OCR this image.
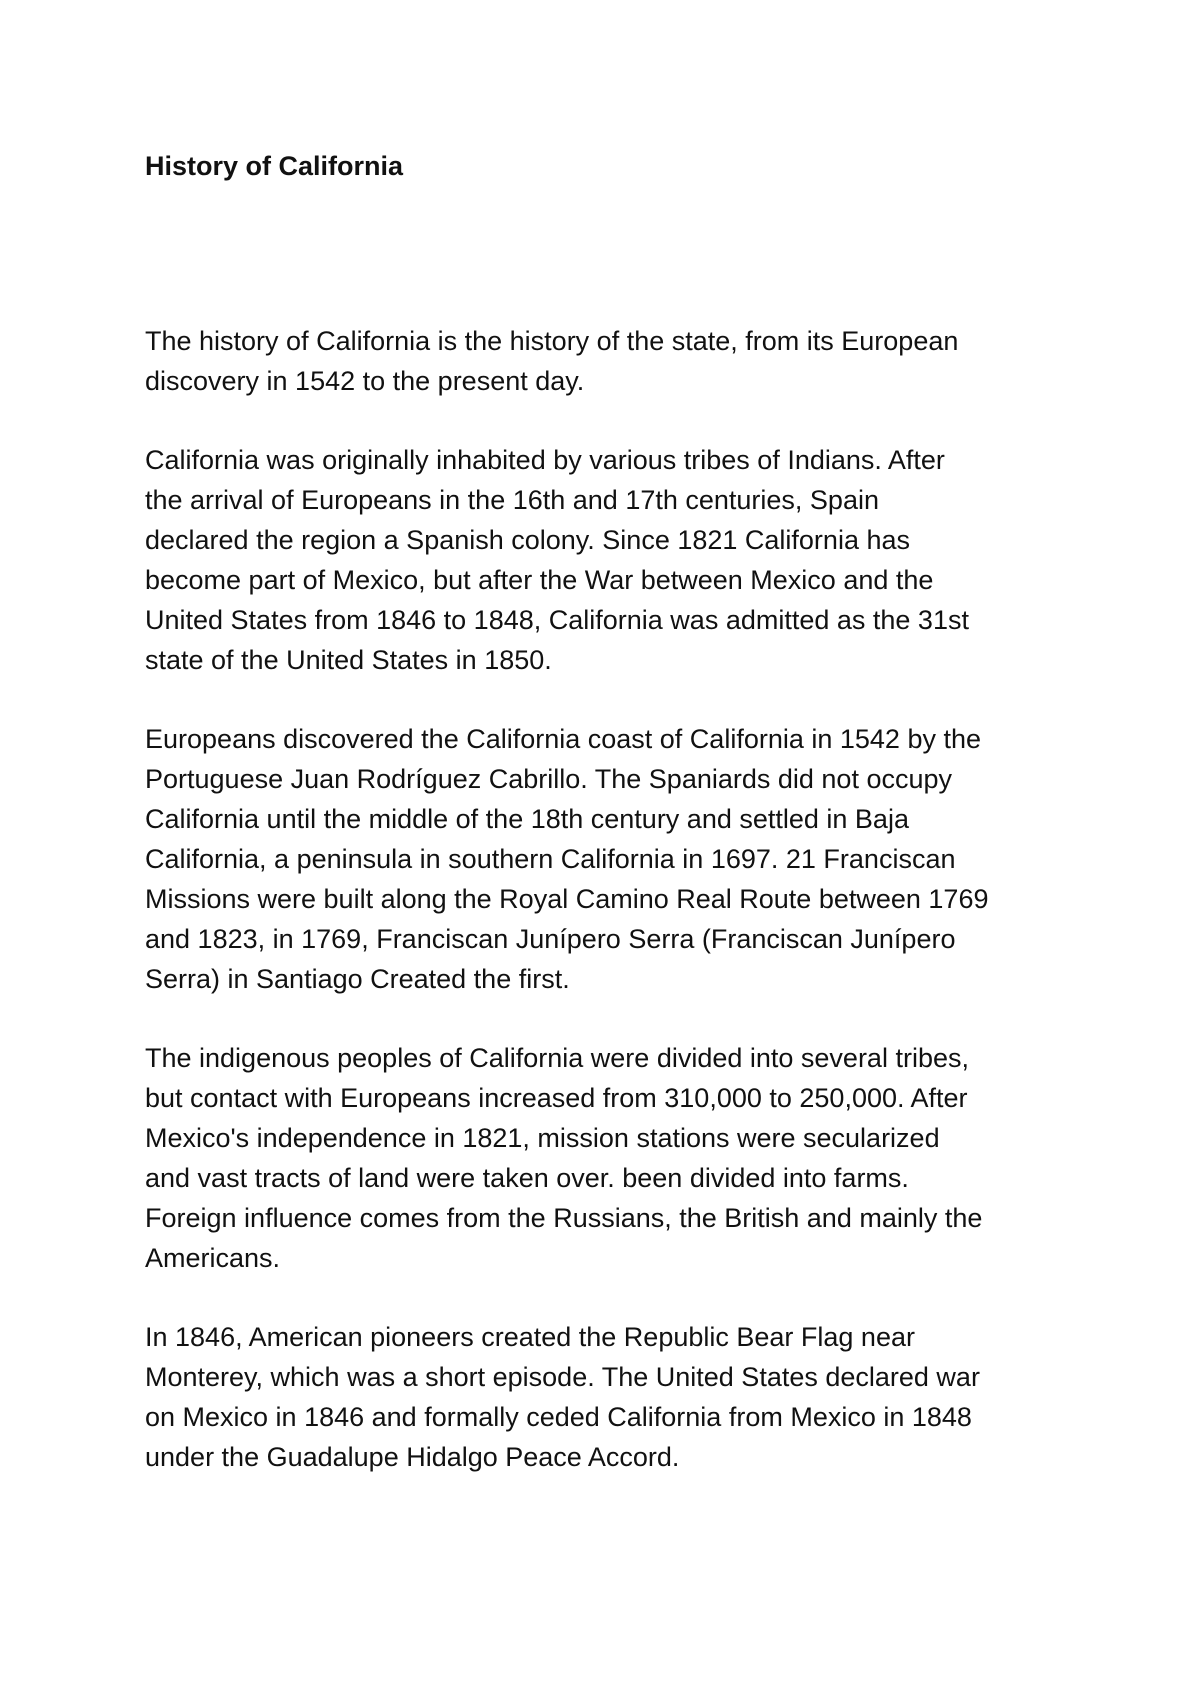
History of California

The history of California is the history of the state, from its European
discovery in 1542 to the present day.

California was originally inhabited by various tribes of Indians. After
the arrival of Europeans in the 16th and 17th centuries, Spain
declared the region a Spanish colony. Since 1821 California has
become part of Mexico, but after the War between Mexico and the
United States from 1846 to 1848, California was admitted as the 31st
state of the United States in 1850.

Europeans discovered the California coast of California in 1542 by the
Portuguese Juan Rodríguez Cabrillo. The Spaniards did not occupy
California until the middle of the 18th century and settled in Baja
California, a peninsula in southern California in 1697. 21 Franciscan
Missions were built along the Royal Camino Real Route between 1769
and 1823, in 1769, Franciscan Junípero Serra (Franciscan Junípero
Serra) in Santiago Created the first.

The indigenous peoples of California were divided into several tribes,
but contact with Europeans increased from 310,000 to 250,000. After
Mexico's independence in 1821, mission stations were secularized
and vast tracts of land were taken over. been divided into farms.
Foreign influence comes from the Russians, the British and mainly the
Americans.

In 1846, American pioneers created the Republic Bear Flag near
Monterey, which was a short episode. The United States declared war
on Mexico in 1846 and formally ceded California from Mexico in 1848
under the Guadalupe Hidalgo Peace Accord.
